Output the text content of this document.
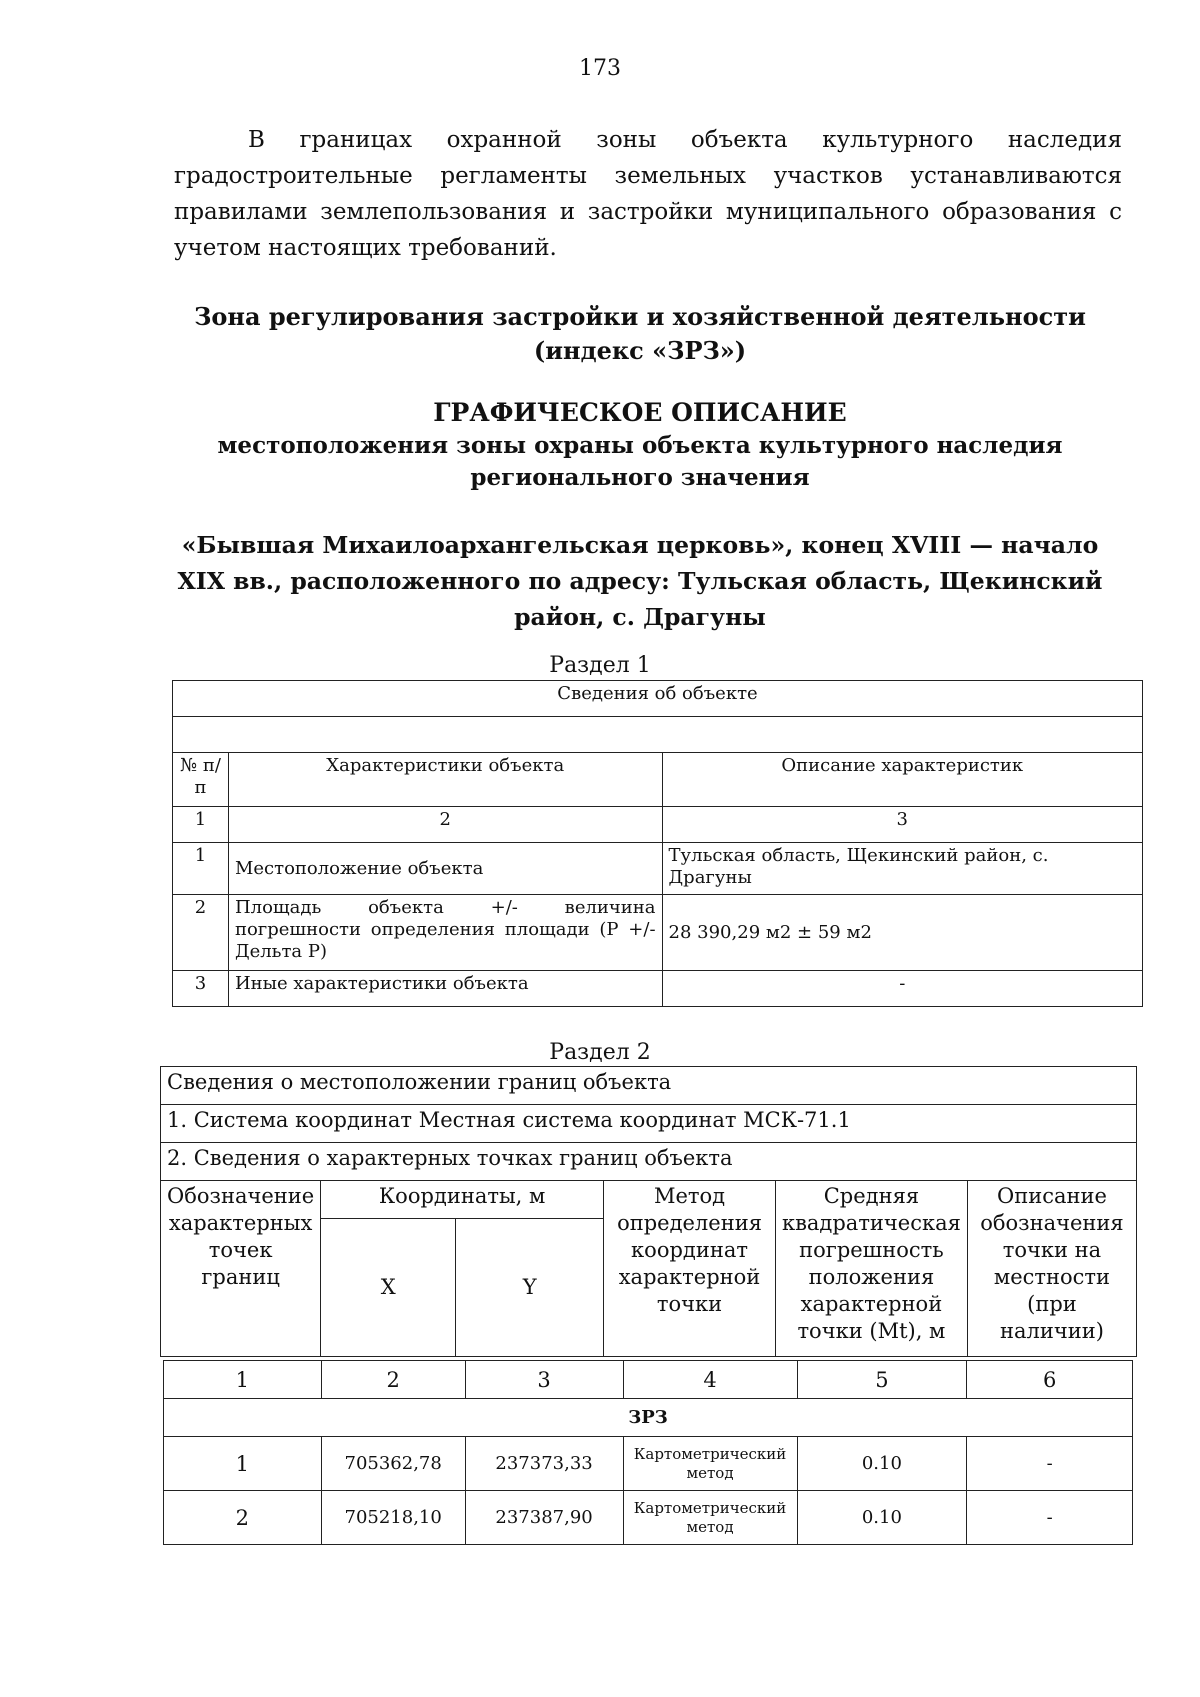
173

В границах охранной зоны объекта культурного наследия градостроительные регламенты земельных участков устанавливаются правилами землепользования и застройки муниципального образования с учетом настоящих требований.

Зона регулирования застройки и хозяйственной деятельности
(индекс «ЗРЗ»)
ГРАФИЧЕСКОЕ ОПИСАНИЕ
местоположения зоны охраны объекта культурного наследия
регионального значения
«Бывшая Михаилоархангельская церковь», конец XVIII — начало XIX вв., расположенного по адресу: Тульская область, Щекинский район, с. Драгуны
Раздел 1
Сведения об объекте		

№ п/п	Характеристики объекта	Описание характеристик
1	2	3
1	Местоположение объекта	Тульская область, Щекинский район, с. Драгуны
2	Площадь объекта +/- величина погрешности определения площади (P +/- Дельта P)	28 390,29 м2 ± 59 м2
3	Иные характеристики объекта	-
Раздел 2
Сведения о местоположении границ объекта					
1. Система координат Местная система координат МСК-71.1					
2. Сведения о характерных точках границ объекта					
Обозначение характерных точек границ	Координаты, м		Метод определения координат характерной точки	Средняя квадратическая погрешность положения характерной точки (Mt), м	Описание обозначения точки на местности (при наличии)
	X	Y			
1	2	3	4	5	6
ЗРЗ					
1	705362,78	237373,33	Картометрический метод	0.10	-
2	705218,10	237387,90	Картометрический метод	0.10	-
